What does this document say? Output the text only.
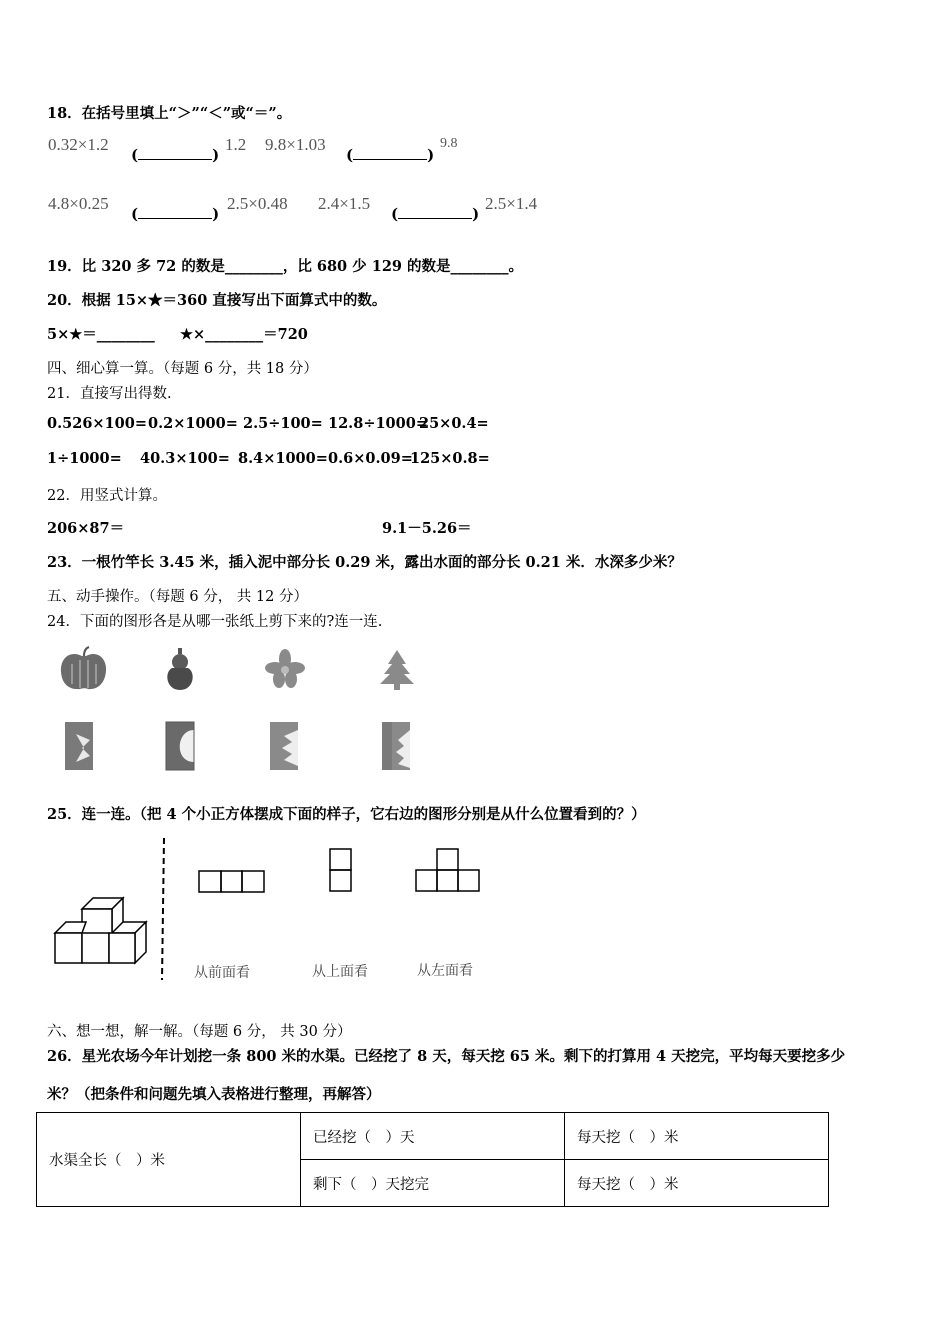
18．在括号里填上“＞”“＜”或“＝”。
0.32×1.2
(	)
1.2 9.8×1.03
(	)
9.8
4.8×0.25
(	)
2.5×0.48 2.4×1.5
(	)
2.5×1.4
19．比 320 多 72 的数是________，比 680 少 129 的数是________。
20．根据 15×★＝360 直接写出下面算式中的数。
5×★＝________     ★×________＝720
四、细心算一算。（每题 6 分，共 18 分）
21．直接写出得数.
0.526×100= 0.2×1000= 2.5÷100= 12.8÷1000=
25×0.4=
1÷1000= 40.3×100= 8.4×1000= 0.6×0.09=
125×0.8=
22．用竖式计算。
206×87＝	9.1－5.26＝
23．一根竹竿长 3.45 米，插入泥中部分长 0.29 米，露出水面的部分长 0.21 米．水深多少米？
五、动手操作。（每题 6 分， 共 12 分）
24．下面的图形各是从哪一张纸上剪下来的?连一连.
25．连一连。（把 4 个小正方体摆成下面的样子，它右边的图形分别是从什么位置看到的？）
从前面看	从上面看	从左面看
六、想一想，解一解。（每题 6 分， 共 30 分）
26．星光农场今年计划挖一条 800 米的水渠。已经挖了 8 天，每天挖 65 米。剩下的打算用 4 天挖完，平均每天要挖多少
米？（把条件和问题先填入表格进行整理，再解答）
水渠全长（　）米	已经挖（　）天	每天挖（　）米
	剩下（　）天挖完	每天挖（　）米
